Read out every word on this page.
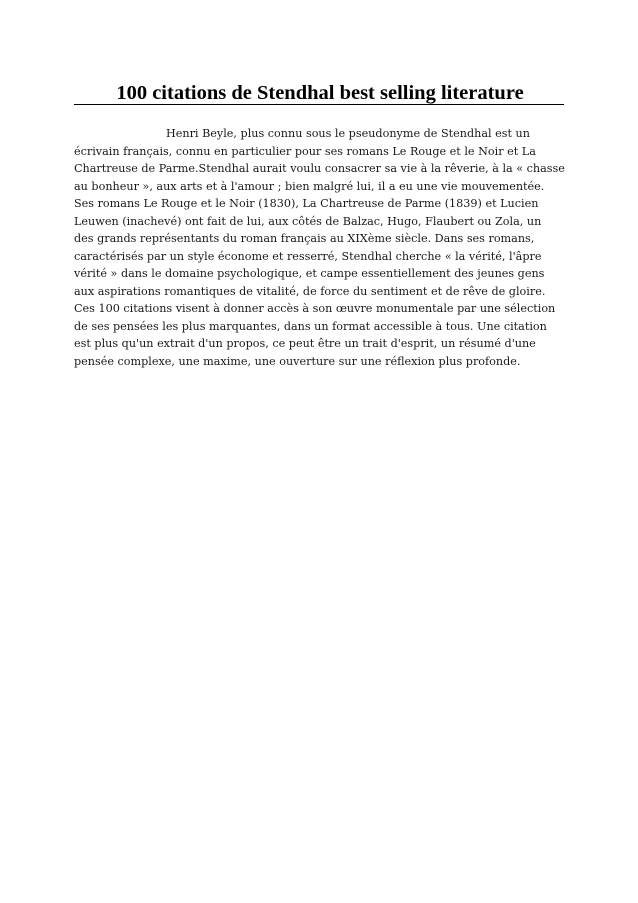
100 citations de Stendhal best selling literature

Henri Beyle, plus connu sous le pseudonyme de Stendhal est un
écrivain français, connu en particulier pour ses romans Le Rouge et le Noir et La
Chartreuse de Parme.Stendhal aurait voulu consacrer sa vie à la rêverie, à la « chasse
au bonheur », aux arts et à l'amour ; bien malgré lui, il a eu une vie mouvementée.
Ses romans Le Rouge et le Noir (1830), La Chartreuse de Parme (1839) et Lucien
Leuwen (inachevé) ont fait de lui, aux côtés de Balzac, Hugo, Flaubert ou Zola, un
des grands représentants du roman français au XIXème siècle. Dans ses romans,
caractérisés par un style économe et resserré, Stendhal cherche « la vérité, l'âpre
vérité » dans le domaine psychologique, et campe essentiellement des jeunes gens
aux aspirations romantiques de vitalité, de force du sentiment et de rêve de gloire.
Ces 100 citations visent à donner accès à son œuvre monumentale par une sélection
de ses pensées les plus marquantes, dans un format accessible à tous. Une citation
est plus qu'un extrait d'un propos, ce peut être un trait d'esprit, un résumé d'une
pensée complexe, une maxime, une ouverture sur une réflexion plus profonde.
